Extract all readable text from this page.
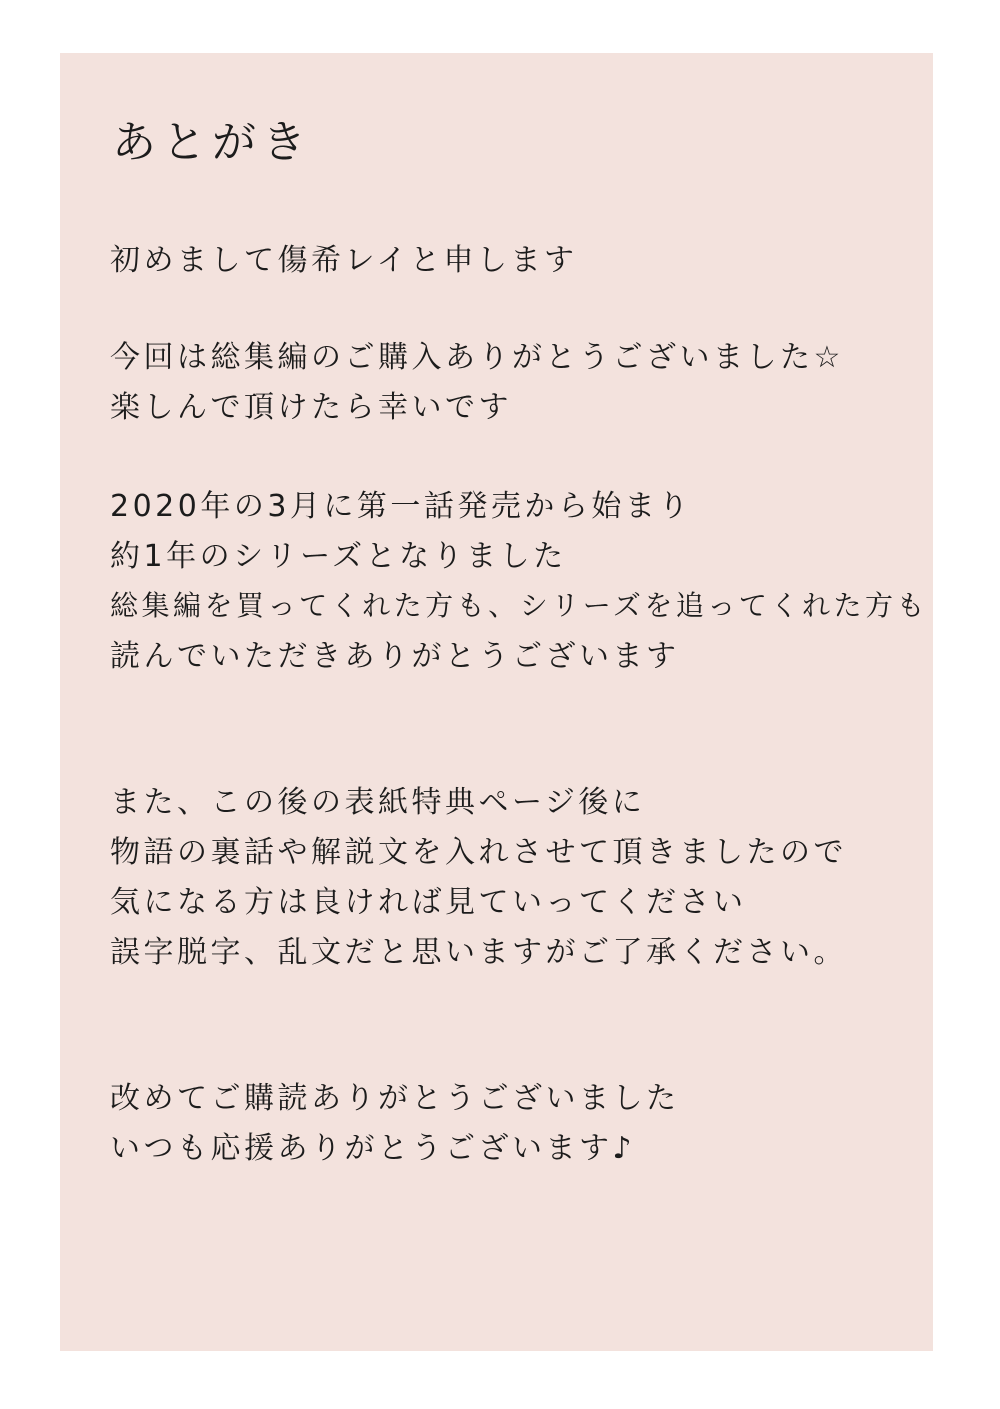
あとがき
初めまして傷希レイと申します
今回は総集編のご購入ありがとうございました☆
楽しんで頂けたら幸いです
2020年の3月に第一話発売から始まり
約1年のシリーズとなりました
総集編を買ってくれた方も、シリーズを追ってくれた方も
読んでいただきありがとうございます
また、この後の表紙特典ページ後に
物語の裏話や解説文を入れさせて頂きましたので
気になる方は良ければ見ていってください
誤字脱字、乱文だと思いますがご了承ください。
改めてご購読ありがとうございました
いつも応援ありがとうございます♪
